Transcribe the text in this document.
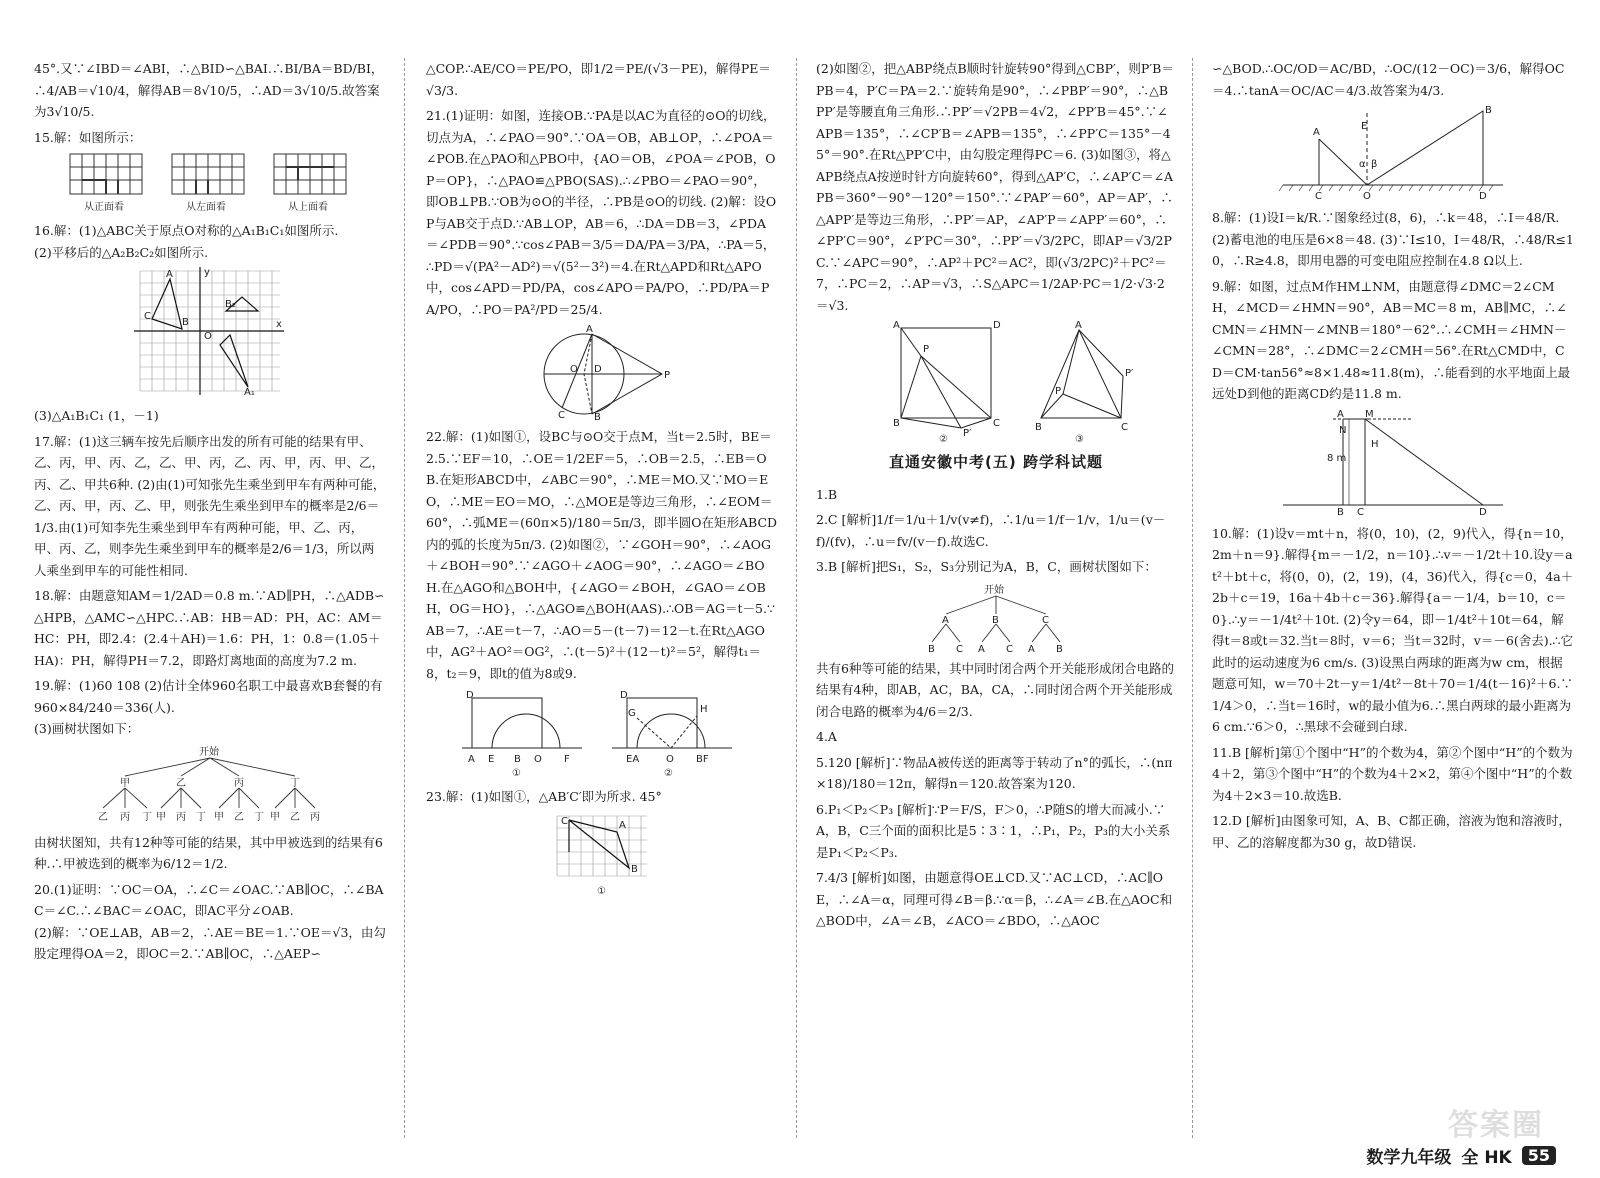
45°.又∵∠IBD＝∠ABI，∴△BID∽△BAI.∴BI/BA＝BD/BI，∴4/AB＝√10/4，解得AB＝8√10/5，∴AD＝3√10/5.故答案为3√10/5.
15.解：如图所示：
从正面看	从左面看	从上面看
16.解：(1)△ABC关于原点O对称的△A₁B₁C₁如图所示.
(2)平移后的△A₂B₂C₂如图所示.
A
C
B
B₂
A₁
O
x
y
(3)△A₁B₁C₁ (1，－1)
17.解：(1)这三辆车按先后顺序出发的所有可能的结果有甲、乙、丙，甲、丙、乙，乙、甲、丙，乙、丙、甲，丙、甲、乙，丙、乙、甲共6种. (2)由(1)可知张先生乘坐到甲车有两种可能，乙、丙、甲，丙、乙、甲，则张先生乘坐到甲车的概率是2/6＝1/3.由(1)可知李先生乘坐到甲车有两种可能，甲、乙、丙，甲、丙、乙，则李先生乘坐到甲车的概率是2/6＝1/3，所以两人乘坐到甲车的可能性相同.
18.解：由题意知AM＝1/2AD＝0.8 m.∵AD∥PH，∴△ADB∽△HPB，△AMC∽△HPC.∴AB：HB＝AD：PH，AC：AM＝HC：PH，即2.4：(2.4＋AH)＝1.6：PH，1：0.8＝(1.05＋HA)：PH，解得PH＝7.2，即路灯离地面的高度为7.2 m.
19.解：(1)60 108 (2)估计全体960名职工中最喜欢B套餐的有960×84/240＝336(人).
(3)画树状图如下：
开始
甲	乙	丙	丁
乙 丙 丁 甲 丙 丁 甲 乙 丁 甲 乙 丙
由树状图知，共有12种等可能的结果，其中甲被选到的结果有6种.∴甲被选到的概率为6/12＝1/2.
20.(1)证明：∵OC＝OA，∴∠C＝∠OAC.∵AB∥OC，∴∠BAC＝∠C.∴∠BAC＝∠OAC，即AC平分∠OAB.
(2)解：∵OE⊥AB，AB＝2，∴AE＝BE＝1.∵OE＝√3，由勾股定理得OA＝2，即OC＝2.∵AB∥OC，∴△AEP∽
△COP.∴AE/CO＝PE/PO，即1/2＝PE/(√3－PE)，解得PE＝√3/3.
21.(1)证明：如图，连接OB.∵PA是以AC为直径的⊙O的切线，切点为A，∴∠PAO＝90°.∵OA＝OB，AB⊥OP，∴∠POA＝∠POB.在△PAO和△PBO中，{AO＝OB，∠POA＝∠POB，OP＝OP}，∴△PAO≌△PBO(SAS).∴∠PBO＝∠PAO＝90°，即OB⊥PB.∵OB为⊙O的半径，∴PB是⊙O的切线. (2)解：设OP与AB交于点D.∵AB⊥OP，AB＝6，∴DA＝DB＝3，∠PDA＝∠PDB＝90°.∵cos∠PAB＝3/5＝DA/PA＝3/PA，∴PA＝5，∴PD＝√(PA²－AD²)＝√(5²－3²)＝4.在Rt△APD和Rt△APO中，cos∠APD＝PD/PA，cos∠APO＝PA/PO，∴PD/PA＝PA/PO，∴PO＝PA²/PD＝25/4.
A
O
P
C	B
D
22.解：(1)如图①，设BC与⊙O交于点M，当t＝2.5时，BE＝2.5.∵EF＝10，∴OE＝1/2EF＝5，∴OB＝2.5，∴EB＝OB.在矩形ABCD中，∠ABC＝90°，∴ME＝MO.又∵MO＝EO，∴ME＝EO＝MO，∴△MOE是等边三角形，∴∠EOM＝60°，∴弧ME＝(60π×5)/180＝5π/3，即半圆O在矩形ABCD内的弧的长度为5π/3. (2)如图②，∵∠GOH＝90°，∴∠AOG＋∠BOH＝90°.∵∠AGO＋∠AOG＝90°，∴∠AGO＝∠BOH.在△AGO和△BOH中，{∠AGO＝∠BOH，∠GAO＝∠OBH，OG＝HO}，∴△AGO≌△BOH(AAS).∴OB＝AG＝t－5.∵AB＝7，∴AE＝t－7，∴AO＝5－(t－7)＝12－t.在Rt△AGO中，AG²＋AO²＝OG²，∴(t－5)²＋(12－t)²＝5²，解得t₁＝8，t₂＝9，即t的值为8或9.
D
A E B O F
D
EA	O BF
H
G
①	②
23.解：(1)如图①，△AB′C′即为所求. 45°
C	A
B
①
(2)如图②，把△ABP绕点B顺时针旋转90°得到△CBP′，则P′B＝PB＝4，P′C＝PA＝2.∵旋转角是90°，∴∠PBP′＝90°，∴△BPP′是等腰直角三角形.∴PP′＝√2PB＝4√2，∠PP′B＝45°.∵∠APB＝135°，∴∠CP′B＝∠APB＝135°，∴∠PP′C＝135°－45°＝90°.在Rt△PP′C中，由勾股定理得PC＝6. (3)如图③，将△APB绕点A按逆时针方向旋转60°，得到△AP′C，∴∠AP′C＝∠APB＝360°－90°－120°＝150°.∵∠PAP′＝60°，AP＝AP′，∴△APP′是等边三角形，∴PP′＝AP，∠AP′P＝∠APP′＝60°，∴∠PP′C＝90°，∠P′PC＝30°，∴PP′＝√3/2PC，即AP＝√3/2PC.∵∠APC＝90°，∴AP²＋PC²＝AC²，即(√3/2PC)²＋PC²＝7，∴PC＝2，∴AP＝√3，∴S△APC＝1/2AP·PC＝1/2·√3·2＝√3.
A	D
B	C
P
P′
A
P
P′
B	C
②	③
直通安徽中考(五) 跨学科试题
1.B
2.C [解析]1/f＝1/u＋1/v(v≠f)，∴1/u＝1/f－1/v，1/u＝(v－f)/(fv)，∴u＝fv/(v－f).故选C.
3.B [解析]把S₁，S₂，S₃分别记为A，B，C，画树状图如下：
开始
A	B	C
B C A C A B
共有6种等可能的结果，其中同时闭合两个开关能形成闭合电路的结果有4种，即AB，AC，BA，CA，∴同时闭合两个开关能形成闭合电路的概率为4/6＝2/3.
4.A
5.120 [解析]∵物品A被传送的距离等于转动了n°的弧长，∴(nπ×18)/180＝12π，解得n＝120.故答案为120.
6.P₁＜P₂＜P₃ [解析]∵P＝F/S，F＞0，∴P随S的增大而减小.∵A，B，C三个面的面积比是5∶3∶1，∴P₁，P₂，P₃的大小关系是P₁＜P₂＜P₃.
7.4/3 [解析]如图，由题意得OE⊥CD.又∵AC⊥CD，∴AC∥OE，∴∠A＝α，同理可得∠B＝β.∵α＝β，∴∠A＝∠B.在△AOC和△BOD中，∠A＝∠B，∠ACO＝∠BDO，∴△AOC
∽△BOD.∴OC/OD＝AC/BD，∴OC/(12－OC)＝3/6，解得OC＝4.∴tanA＝OC/AC＝4/3.故答案为4/3.
A
E
B
C	O	D
α β
8.解：(1)设I＝k/R.∵图象经过(8，6)，∴k＝48，∴I＝48/R.
(2)蓄电池的电压是6×8＝48. (3)∵I≤10，I＝48/R，∴48/R≤10，∴R≥4.8，即用电器的可变电阻应控制在4.8 Ω以上.
9.解：如图，过点M作HM⊥NM，由题意得∠DMC＝2∠CMH，∠MCD＝∠HMN＝90°，AB＝MC＝8 m，AB∥MC，∴∠CMN＝∠HMN－∠MNB＝180°－62°.∴∠CMH＝∠HMN－∠CMN＝28°，∴∠DMC＝2∠CMH＝56°.在Rt△CMD中，CD＝CM·tan56°≈8×1.48≈11.8(m)，∴能看到的水平地面上最远处D到他的距离CD约是11.8 m.
A M
N
H
8 m
B C	D
10.解：(1)设v＝mt＋n，将(0，10)，(2，9)代入，得{n＝10，2m＋n＝9}.解得{m＝－1/2，n＝10}.∴v＝－1/2t＋10.设y＝at²＋bt＋c，将(0，0)，(2，19)，(4，36)代入，得{c＝0，4a＋2b＋c＝19，16a＋4b＋c＝36}.解得{a＝－1/4，b＝10，c＝0}.∴y＝－1/4t²＋10t. (2)令y＝64，即－1/4t²＋10t＝64，解得t＝8或t＝32.当t＝8时，v＝6；当t＝32时，v＝－6(舍去).∴它此时的运动速度为6 cm/s. (3)设黑白两球的距离为w cm，根据题意可知，w＝70＋2t－y＝1/4t²－8t＋70＝1/4(t－16)²＋6.∵1/4＞0，∴当t＝16时，w的最小值为6.∴黑白两球的最小距离为6 cm.∵6＞0，∴黑球不会碰到白球.
11.B [解析]第①个图中“H”的个数为4，第②个图中“H”的个数为4＋2，第③个图中“H”的个数为4＋2×2，第④个图中“H”的个数为4＋2×3＝10.故选B.
12.D [解析]由图象可知，A、B、C都正确，溶液为饱和溶液时，甲、乙的溶解度都为30 g，故D错误.
答案圈
数学九年级 全 HK	55
